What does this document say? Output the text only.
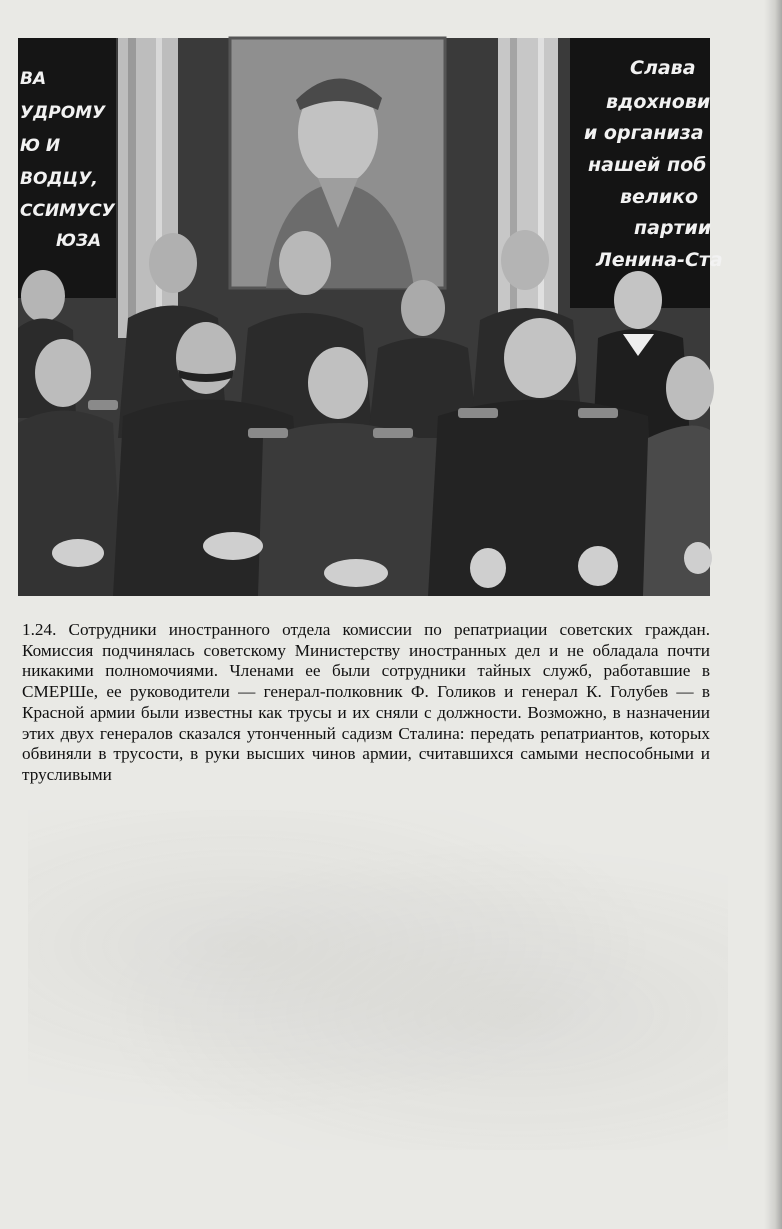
ВА
УДРОМУ
Ю И
ВОДЦУ,
ССИМУСУ
ЮЗА
Слава
вдохнови
и организа
нашей поб
велико
партии
Ленина-Ста

1.24. Сотрудники иностранного отдела комиссии по репатриации советских граждан. Комиссия подчинялась советскому Министерству иностранных дел и не обладала почти никакими полномочиями. Членами ее были сотрудники тайных служб, работавшие в СМЕРШе, ее руководители — генерал-полковник Ф. Голиков и генерал К. Голубев — в Красной армии были известны как трусы и их сняли с должности. Возможно, в назначении этих двух генералов сказался утонченный садизм Сталина: передать репатриантов, которых обвиняли в трусости, в руки высших чинов армии, считавшихся самыми неспособными и трусливыми
